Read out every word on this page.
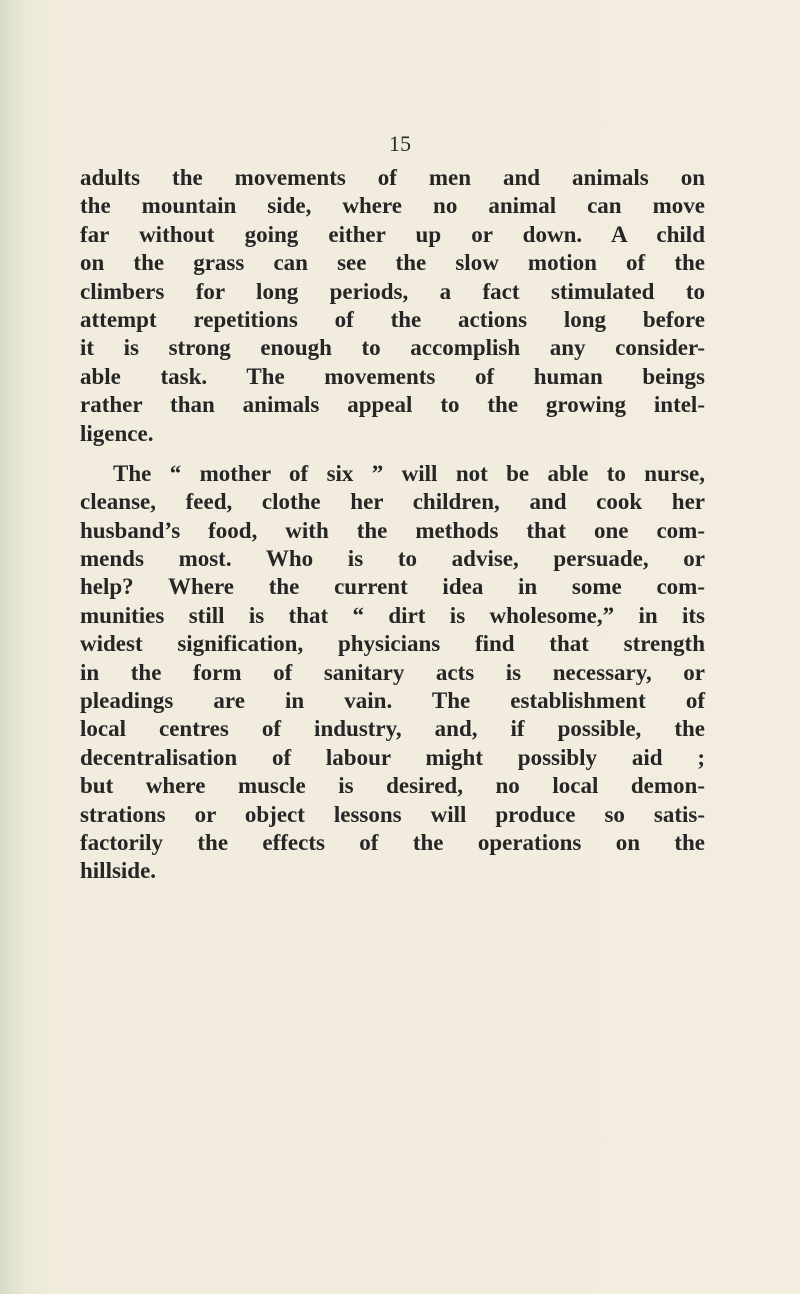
15
adults the movements of men and animals on
the mountain side, where no animal can move
far without going either up or down. A child
on the grass can see the slow motion of the
climbers for long periods, a fact stimulated to
attempt repetitions of the actions long before
it is strong enough to accomplish any consider-
able task. The movements of human beings
rather than animals appeal to the growing intel-
ligence.
The “ mother of six ” will not be able to nurse,
cleanse, feed, clothe her children, and cook her
husband’s food, with the methods that one com-
mends most. Who is to advise, persuade, or
help? Where the current idea in some com-
munities still is that “ dirt is wholesome,” in its
widest signification, physicians find that strength
in the form of sanitary acts is necessary, or
pleadings are in vain. The establishment of
local centres of industry, and, if possible, the
decentralisation of labour might possibly aid ;
but where muscle is desired, no local demon-
strations or object lessons will produce so satis-
factorily the effects of the operations on the
hillside.
